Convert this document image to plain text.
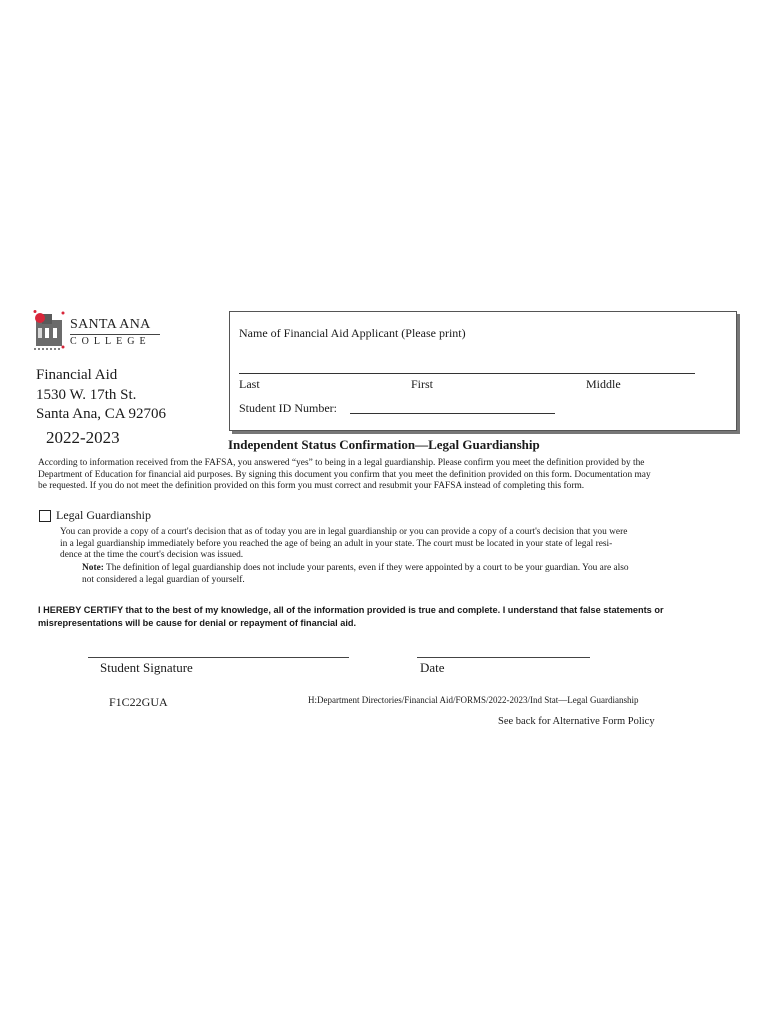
SANTA ANA
COLLEGE
Financial Aid
1530 W. 17th St.
Santa Ana, CA 92706
2022-2023
Name of Financial Aid Applicant (Please print)
Last	First	Middle
Student ID Number:
Independent Status Confirmation—Legal Guardianship
According to information received from the FAFSA, you answered “yes” to being in a legal guardianship. Please confirm you meet the definition provided by the
Department of Education for financial aid purposes. By signing this document you confirm that you meet the definition provided on this form. Documentation may
be requested. If you do not meet the definition provided on this form you must correct and resubmit your FAFSA instead of completing this form.
Legal Guardianship
You can provide a copy of a court's decision that as of today you are in legal guardianship or you can provide a copy of a court's decision that you were
in a legal guardianship immediately before you reached the age of being an adult in your state. The court must be located in your state of legal resi-
dence at the time the court's decision was issued.
Note: The definition of legal guardianship does not include your parents, even if they were appointed by a court to be your guardian. You are also
not considered a legal guardian of yourself.
I HEREBY CERTIFY that to the best of my knowledge, all of the information provided is true and complete. I understand that false statements or
misrepresentations will be cause for denial or repayment of financial aid.
Student Signature	Date
F1C22GUA	H:Department Directories/Financial Aid/FORMS/2022-2023/Ind Stat—Legal Guardianship
See back for Alternative Form Policy
